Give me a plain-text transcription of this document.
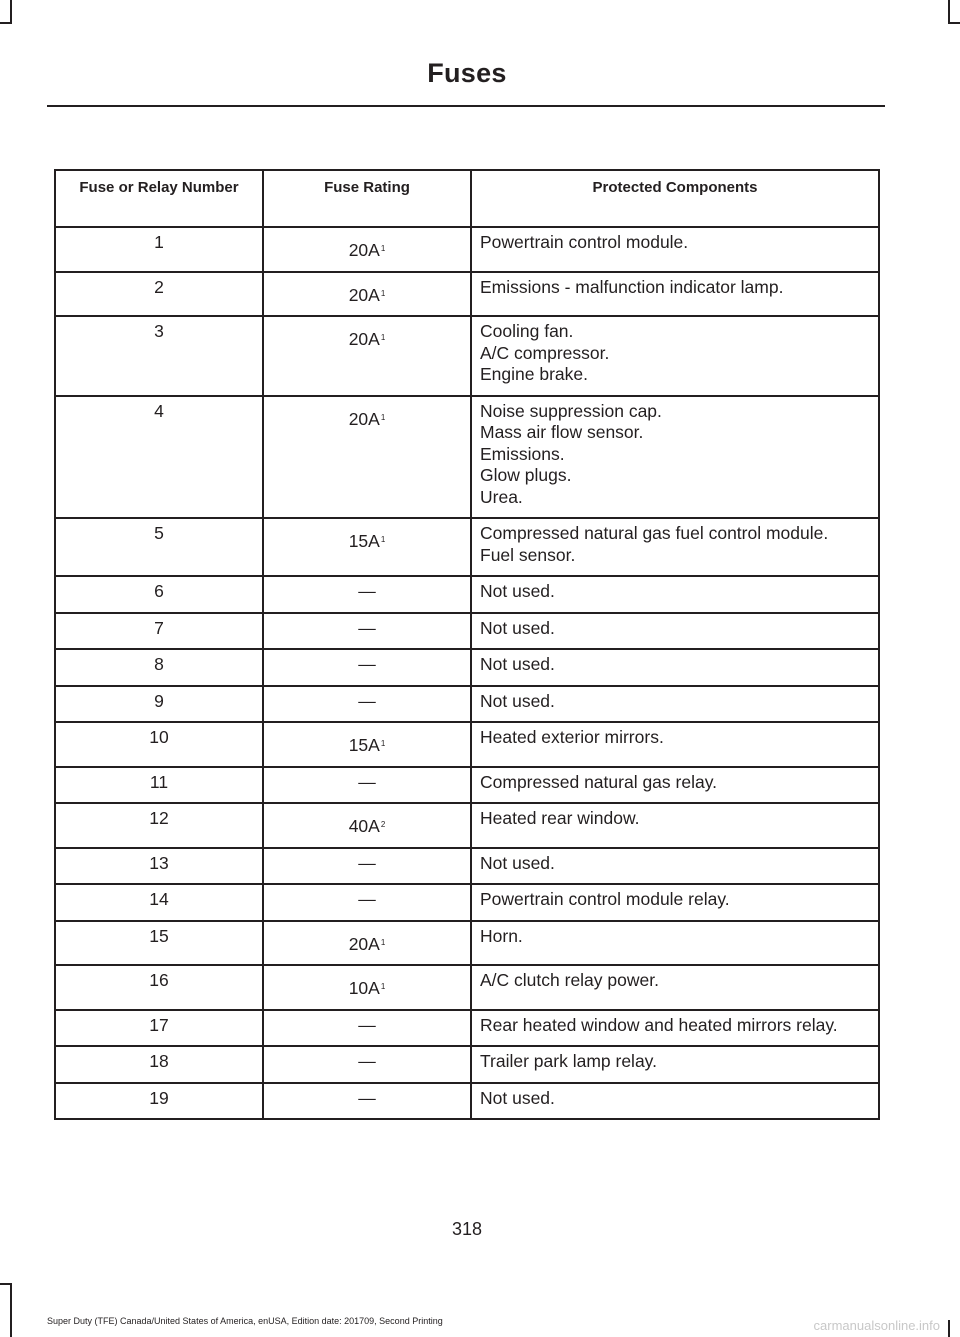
Fuses
Fuse or Relay Number	Fuse Rating	Protected Components
1	20A$^1$	Powertrain control module.

2	20A$^1$	Emissions - malfunction indicator lamp.

3	20A$^1$	Cooling fan.
A/C compressor.
Engine brake.

4	20A$^1$	Noise suppression cap.
Mass air flow sensor.
Emissions.
Glow plugs.
Urea.

5	15A$^1$	Compressed natural gas fuel control module.
Fuel sensor.

6	—	Not used.

7	—	Not used.

8	—	Not used.

9	—	Not used.

10	15A$^1$	Heated exterior mirrors.

11	—	Compressed natural gas relay.

12	40A$^2$	Heated rear window.

13	—	Not used.

14	—	Powertrain control module relay.

15	20A$^1$	Horn.

16	10A$^1$	A/C clutch relay power.

17	—	Rear heated window and heated mirrors relay.

18	—	Trailer park lamp relay.

19	—	Not used.
318
Super Duty (TFE) Canada/United States of America, enUSA, Edition date: 201709, Second Printing	carmanualsonline.info
